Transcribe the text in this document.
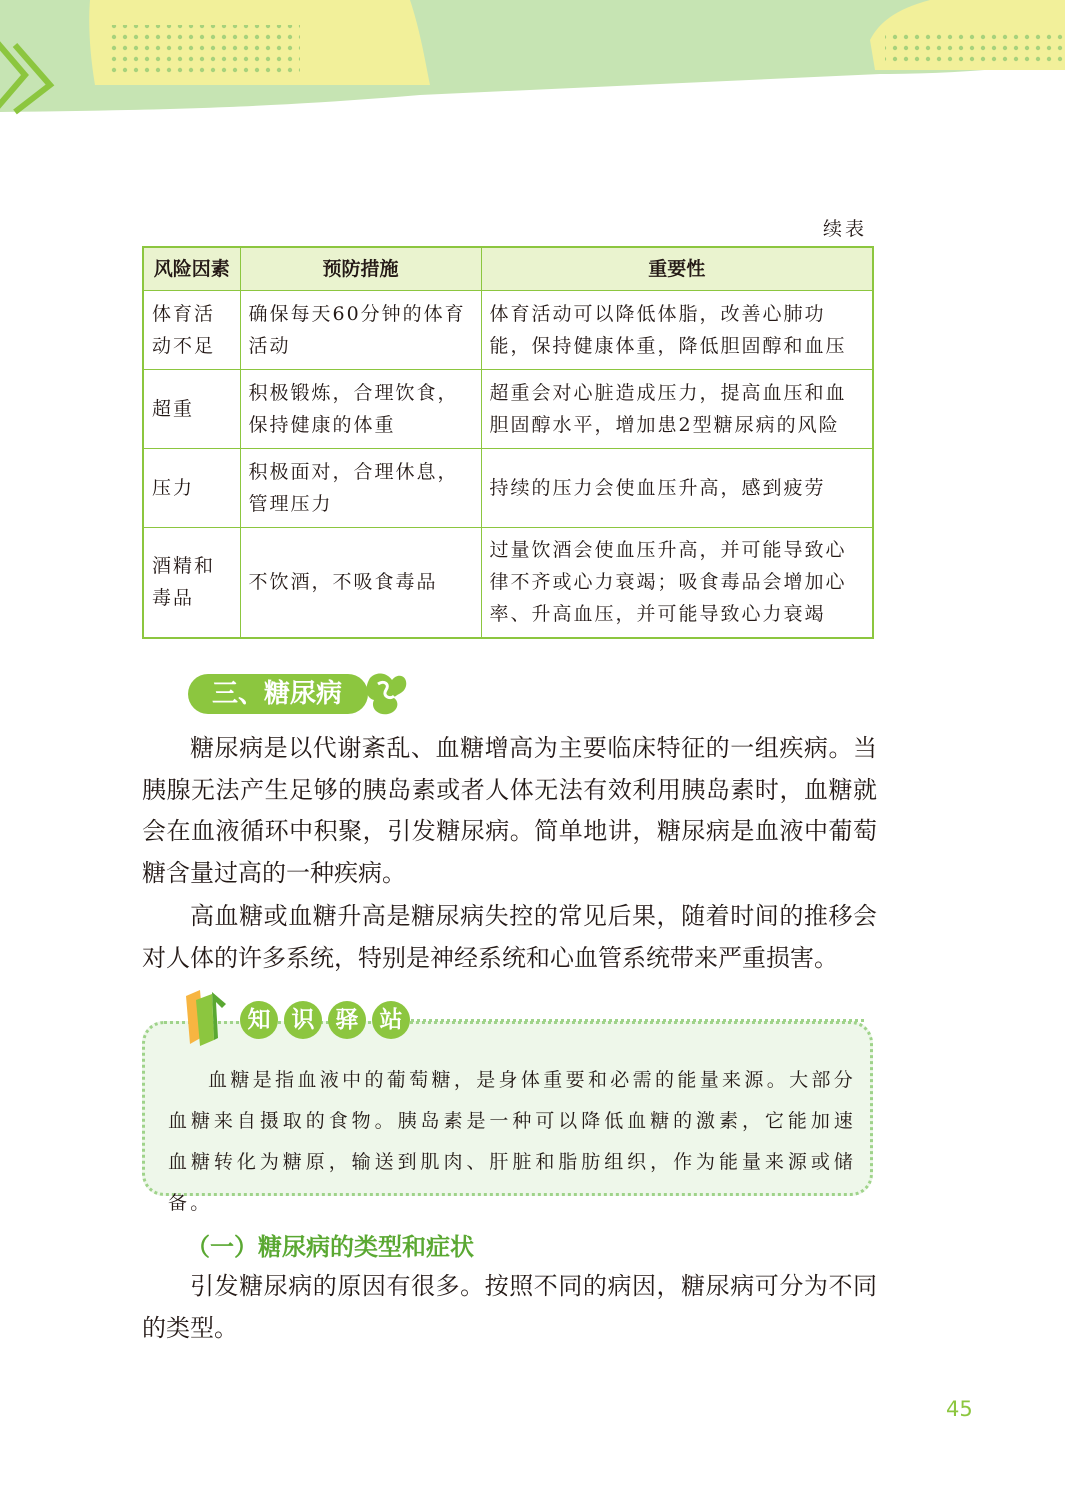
续表
风险因素	预防措施	重要性
体育活动不足	确保每天60分钟的体育活动	体育活动可以降低体脂，改善心肺功能，保持健康体重，降低胆固醇和血压
超重	积极锻炼，合理饮食，保持健康的体重	超重会对心脏造成压力，提高血压和血胆固醇水平，增加患2型糖尿病的风险
压力	积极面对，合理休息，管理压力	持续的压力会使血压升高，感到疲劳
酒精和毒品	不饮酒，不吸食毒品	过量饮酒会使血压升高，并可能导致心律不齐或心力衰竭；吸食毒品会增加心率、升高血压，并可能导致心力衰竭
三、糖尿病
糖尿病是以代谢紊乱、血糖增高为主要临床特征的一组疾病。当胰腺无法产生足够的胰岛素或者人体无法有效利用胰岛素时，血糖就会在血液循环中积聚，引发糖尿病。简单地讲，糖尿病是血液中葡萄糖含量过高的一种疾病。
高血糖或血糖升高是糖尿病失控的常见后果，随着时间的推移会对人体的许多系统，特别是神经系统和心血管系统带来严重损害。
知 识 驿 站
血糖是指血液中的葡萄糖，是身体重要和必需的能量来源。大部分血糖来自摄取的食物。胰岛素是一种可以降低血糖的激素，它能加速血糖转化为糖原，输送到肌肉、肝脏和脂肪组织，作为能量来源或储备。
（一）糖尿病的类型和症状
引发糖尿病的原因有很多。按照不同的病因，糖尿病可分为不同的类型。
45
